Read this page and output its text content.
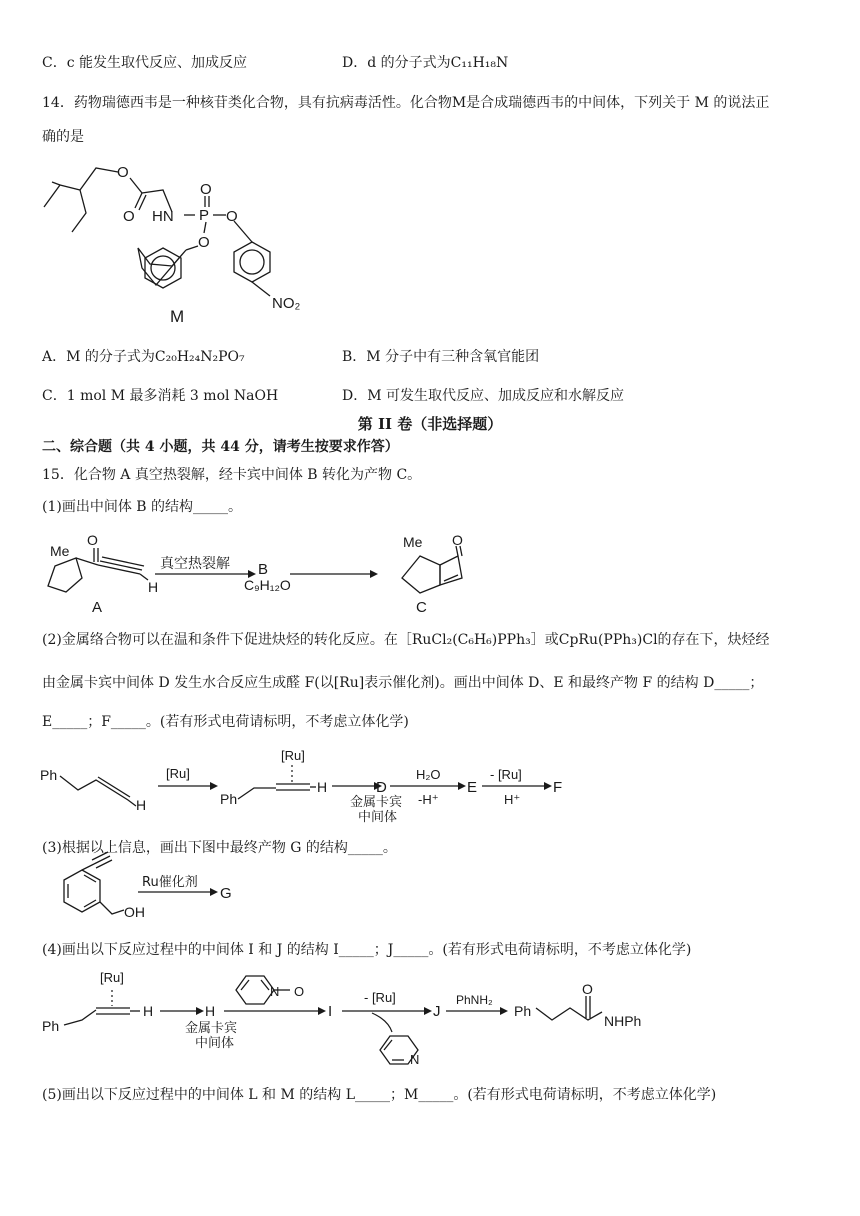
C．c 能发生取代反应、加成反应	D．d 的分子式为C₁₁H₁₈N
14．药物瑞德西韦是一种核苷类化合物，具有抗病毒活性。化合物M是合成瑞德西韦的中间体，下列关于 M 的说法正
确的是
O
O HN P
O
O
O
NO₂
M
A．M 的分子式为C₂₀H₂₄N₂PO₇	B．M 分子中有三种含氧官能团
C．1 mol M 最多消耗 3 mol NaOH	D．M 可发生取代反应、加成反应和水解反应
第 II 卷（非选择题）
二、综合题（共 4 小题，共 44 分，请考生按要求作答）
15．化合物 A 真空热裂解，经卡宾中间体 B 转化为产物 C。
(1)画出中间体 B 的结构_____。
Me
O
H
A
真空热裂解 B
C₉H₁₂O
Me O
C
(2)金属络合物可以在温和条件下促进炔烃的转化反应。在［RuCl₂(C₆H₆)PPh₃］或CpRu(PPh₃)Cl的存在下，炔烃经
由金属卡宾中间体 D 发生水合反应生成醛 F(以[Ru]表示催化剂)。画出中间体 D、E 和最终产物 F 的结构 D_____；
E_____；F_____。(若有形式电荷请标明，不考虑立体化学)
Ph
H
[Ru]
Ph
[Ru]
H	D
金属卡宾
中间体
H₂O
-H⁺
E
- [Ru]
H⁺
F
(3)根据以上信息，画出下图中最终产物 G 的结构_____。
OH
Ru催化剂
G
(4)画出以下反应过程中的中间体 I 和 J 的结构 I_____；J_____。(若有形式电荷请标明，不考虑立体化学)
[Ru]
Ph
H	H
金属卡宾
中间体
N O
I
- [Ru]
N
J
PhNH₂
Ph
O
NHPh
(5)画出以下反应过程中的中间体 L 和 M 的结构 L_____；M_____。(若有形式电荷请标明，不考虑立体化学)
